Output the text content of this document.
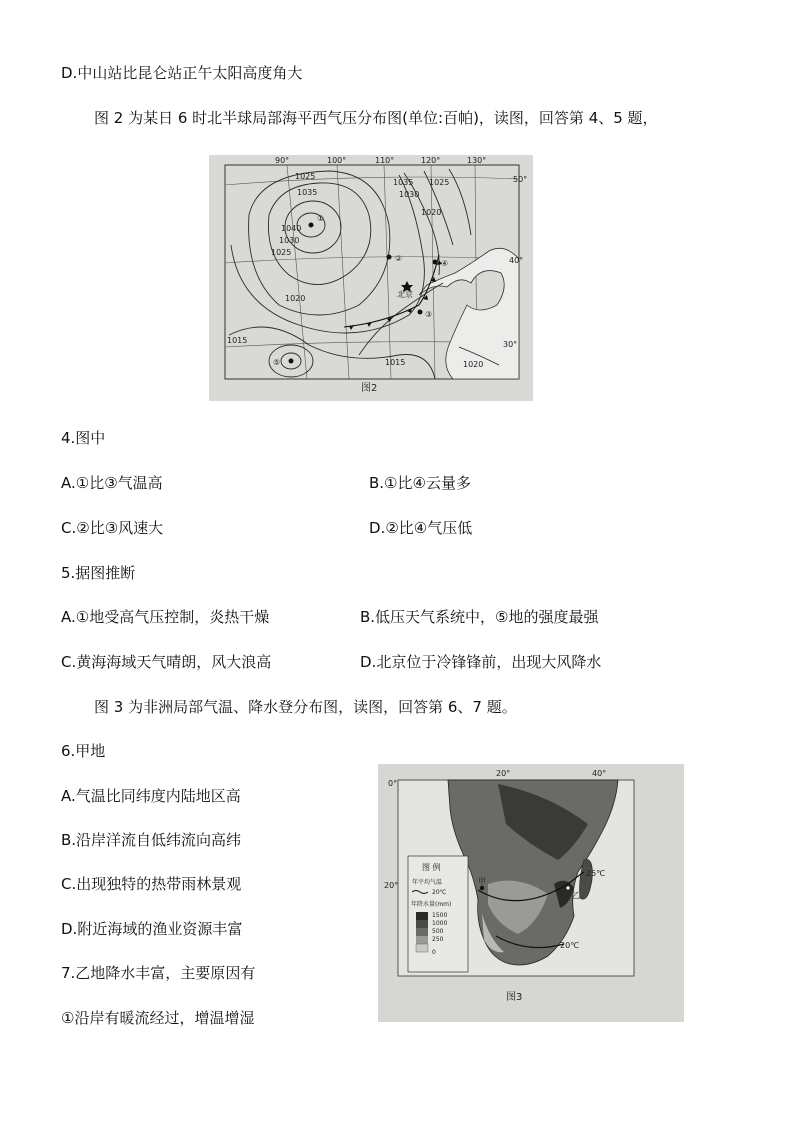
D.中山站比昆仑站正午太阳高度角大
图 2 为某日 6 时北半球局部海平西气压分布图(单位:百帕)，读图，回答第 4、5 题，
①
②
③
④
⑤
北京
90°	100°	110°	120°	130°
50°
40°
30°
1025
1035
1035
1030
1025
1020
1040
1030
1025
1020
1015
1015	1020
图2
4.图中
A.①比③气温高	B.①比④云量多
C.②比③风速大	D.②比④气压低
5.据图推断
A.①地受高气压控制，炎热干燥	B.低压天气系统中，⑤地的强度最强
C.黄海海域天气晴朗，风大浪高	D.北京位于冷锋锋前，出现大风降水
图 3 为非洲局部气温、降水登分布图，读图，回答第 6、7 题。
6.甲地
A.气温比同纬度内陆地区高
B.沿岸洋流自低纬流向高纬
C.出现独特的热带雨林景观
D.附近海域的渔业资源丰富
7.乙地降水丰富，主要原因有
①沿岸有暖流经过，增温增湿
甲
乙
25℃
20℃
20°	40°
0°
20°
图 例
年平均气温
20℃
年降水量(mm)
1500
1000
500
250
0
图3
